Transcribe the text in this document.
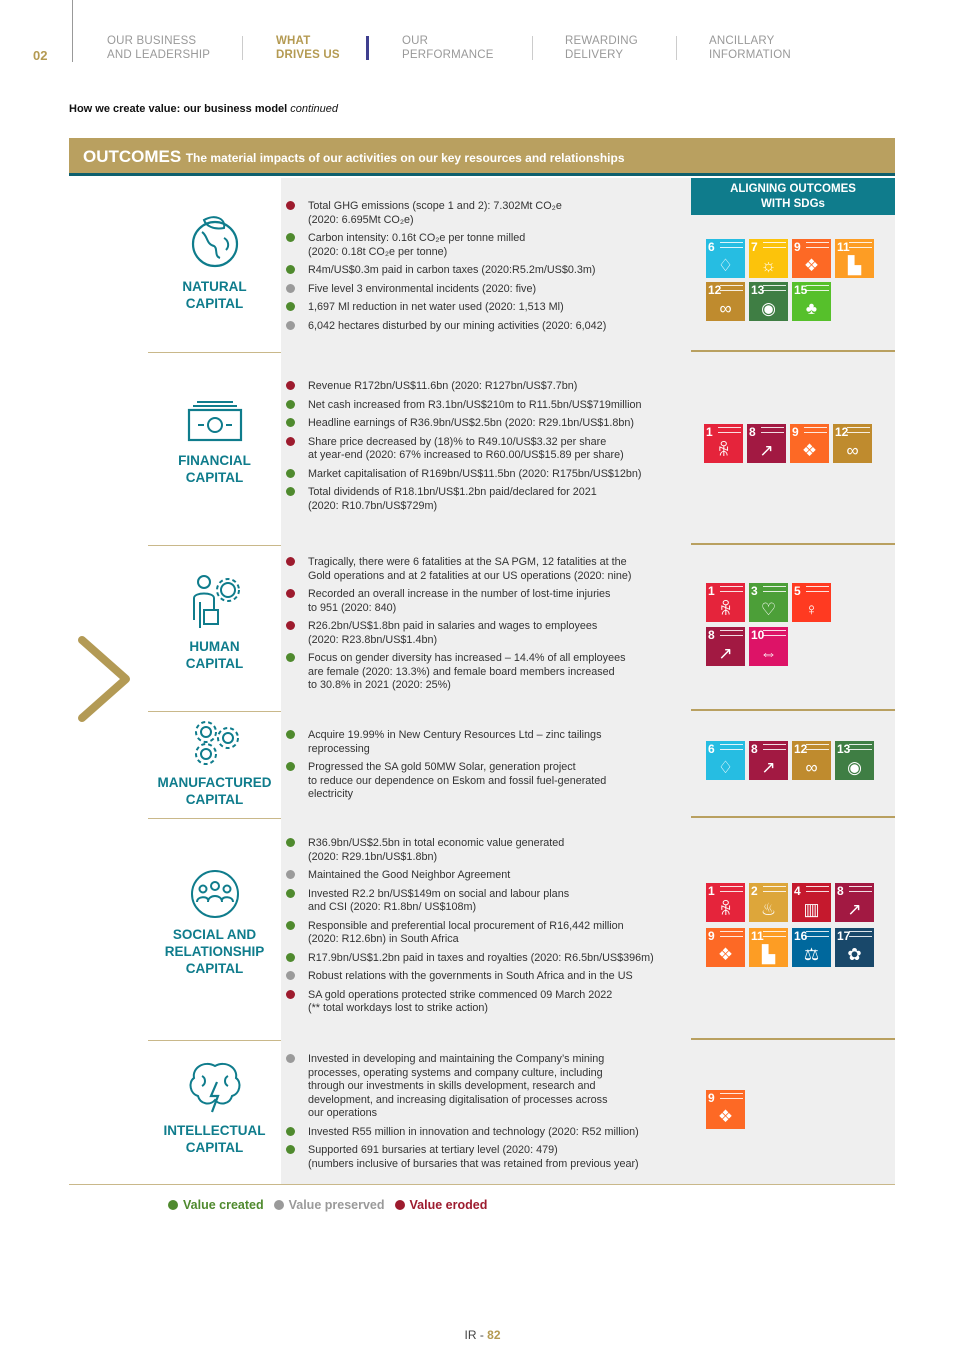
02
OUR BUSINESS
AND LEADERSHIP
WHAT
DRIVES US
OUR
PERFORMANCE
REWARDING
DELIVERY
ANCILLARY
INFORMATION
How we create value: our business model continued
OUTCOMES The material impacts of our activities on our key resources and relationships
ALIGNING OUTCOMES
WITH SDGs
NATURAL
CAPITAL
FINANCIAL
CAPITAL
HUMAN
CAPITAL
MANUFACTURED
CAPITAL
SOCIAL AND
RELATIONSHIP
CAPITAL
INTELLECTUAL
CAPITAL
Total GHG emissions (scope 1 and 2): 7.302Mt CO₂e
(2020: 6.695Mt CO₂e)
Carbon intensity: 0.16t CO₂e per tonne milled
(2020: 0.18t CO₂e per tonne)
R4m/US$0.3m paid in carbon taxes (2020:R5.2m/US$0.3m)
Five level 3 environmental incidents (2020: five)
1,697 Ml reduction in net water used (2020: 1,513 Ml)
6,042 hectares disturbed by our mining activities (2020: 6,042)
Revenue R172bn/US$11.6bn (2020: R127bn/US$7.7bn)
Net cash increased from R3.1bn/US$210m to R11.5bn/US$719million
Headline earnings of R36.9bn/US$2.5bn (2020: R29.1bn/US$1.8bn)
Share price decreased by (18)% to R49.10/US$3.32 per share
at year-end (2020: 67% increased to R60.00/US$15.89 per share)
Market capitalisation of R169bn/US$11.5bn (2020: R175bn/US$12bn)
Total dividends of R18.1bn/US$1.2bn paid/declared for 2021
(2020: R10.7bn/US$729m)
Tragically, there were 6 fatalities at the SA PGM, 12 fatalities at the
Gold operations and at 2 fatalities at our US operations (2020: nine)
Recorded an overall increase in the number of lost-time injuries
to 951 (2020: 840)
R26.2bn/US$1.8bn paid in salaries and wages to employees
(2020: R23.8bn/US$1.4bn)
Focus on gender diversity has increased – 14.4% of all employees
are female (2020: 13.3%) and female board members increased
to 30.8% in 2021 (2020: 25%)
Acquire 19.99% in New Century Resources Ltd – zinc tailings
reprocessing
Progressed the SA gold 50MW Solar, generation project
to reduce our dependence on Eskom and fossil fuel-generated
electricity
R36.9bn/US$2.5bn in total economic value generated
(2020: R29.1bn/US$1.8bn)
Maintained the Good Neighbor Agreement
Invested R2.2 bn/US$149m on social and labour plans
and CSI (2020: R1.8bn/ US$108m)
Responsible and preferential local procurement of R16,442 million
(2020: R12.6bn) in South Africa
R17.9bn/US$1.2bn paid in taxes and royalties (2020: R6.5bn/US$396m)
Robust relations with the governments in South Africa and in the US
SA gold operations protected strike commenced 09 March 2022
(** total workdays lost to strike action)
Invested in developing and maintaining the Company’s mining
processes, operating systems and company culture, including
through our investments in skills development, research and
development, and increasing digitalisation of processes across
our operations
Invested R55 million in innovation and technology (2020: R52 million)
Supported 691 bursaries at tertiary level (2020: 479)
(numbers inclusive of bursaries that was retained from previous year)
6
♢
7
☼
9
❖
11
▙
12
∞
13
◉
15
♣
1
ꆜ
8
↗
9
❖
12
∞
1
ꆜ
3
♡
5
♀
8
↗
10
⇔
6
♢
8
↗
12
∞
13
◉
1
ꆜ
2
♨
4
▥
8
↗
9
❖
11
▙
16
⚖
17
✿
9
❖
Value created Value preserved Value eroded
IR - 82
